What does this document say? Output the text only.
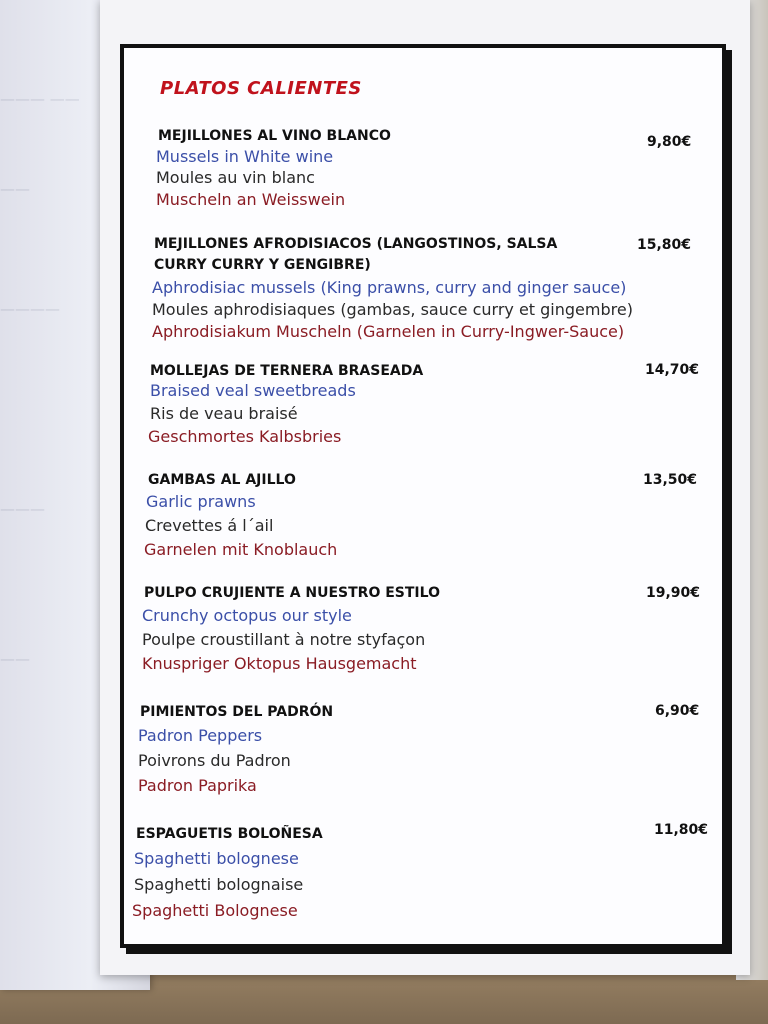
——— ——
——
————
———
——
PLATOS CALIENTES
MEJILLONES AL VINO BLANCO	9,80€
Mussels in White wine
Moules au vin blanc
Muscheln an Weisswein
MEJILLONES AFRODISIACOS (LANGOSTINOS, SALSA CURRY CURRY Y GENGIBRE)
15,80€
Aphrodisiac mussels (King prawns, curry and ginger sauce)
Moules aphrodisiaques (gambas, sauce curry et gingembre)
Aphrodisiakum Muscheln (Garnelen in Curry-Ingwer-Sauce)
MOLLEJAS DE TERNERA BRASEADA	14,70€
Braised veal sweetbreads
Ris de veau braisé
Geschmortes Kalbsbries
GAMBAS AL AJILLO	13,50€
Garlic prawns
Crevettes á l´ail
Garnelen mit Knoblauch
PULPO CRUJIENTE A NUESTRO ESTILO	19,90€
Crunchy octopus our style
Poulpe croustillant à notre styfaçon
Knuspriger Oktopus Hausgemacht
PIMIENTOS DEL PADRÓN	6,90€
Padron Peppers
Poivrons du Padron
Padron Paprika
ESPAGUETIS BOLOÑESA	11,80€
Spaghetti bolognese
Spaghetti bolognaise
Spaghetti Bolognese
